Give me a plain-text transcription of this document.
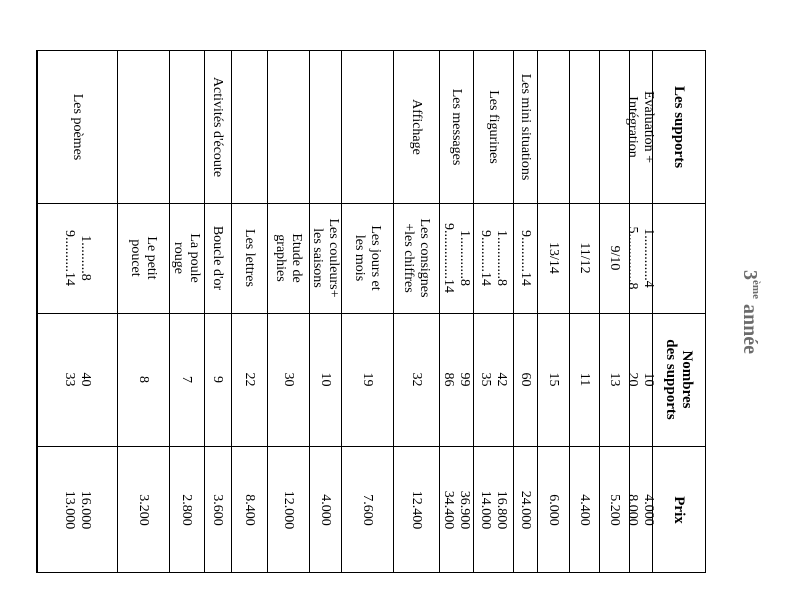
3ème année
Les supports
Nombres
des supports
Prix
Evaluation +
Intégration
1.............4
5..............8
10
20
4.000
8.000
9/10
13
5.200
11/12
11
4.400
13/14
15
6.000
Les mini situations
9..........14
60
24.000
Les figurines
1............8
9..........14
42
35
16.800
14.000
Les messages
1............8
9..............14
99
86
36.900
34.400
Affichage
Les consignes
+les chiffres
32
12.400
Les jours et
les mois
19
7.600
Les couleurs+
les saisons
10
4.000
Etude de
graphies
30
12.000
Les lettres
22
8.400
Activités d'écoute
Boucle d'or
9
3.600
La poule
rouge
7
2.800
Le petit
poucet
8
3.200
Les poèmes
1.........8
9..........14
40
33
16.000
13.000
